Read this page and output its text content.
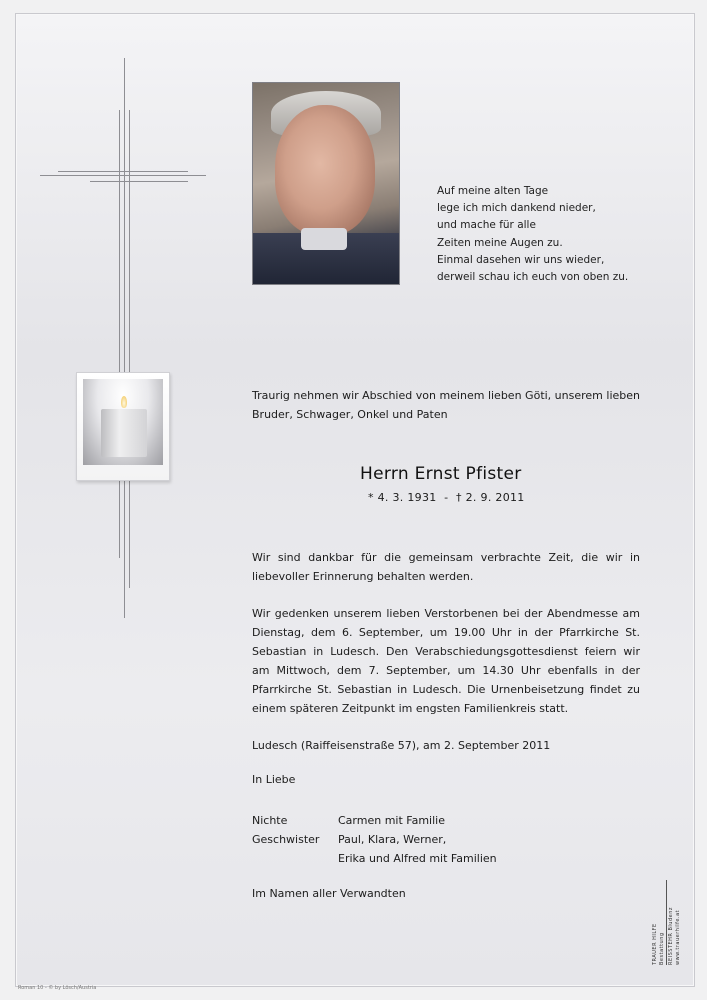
Auf meine alten Tage
lege ich mich dankend nieder,
und mache für alle
Zeiten meine Augen zu.
Einmal dasehen wir uns wieder,
derweil schau ich euch von oben zu.
Traurig nehmen wir Abschied von meinem lieben Göti, unserem lieben Bruder, Schwager, Onkel und Paten
Herrn Ernst Pfister
* 4. 3. 1931  -  † 2. 9. 2011
Wir sind dankbar für die gemeinsam verbrachte Zeit, die wir in liebevoller Erinnerung behalten werden.
Wir gedenken unserem lieben Verstorbenen bei der Abendmesse am Dienstag, dem 6. September, um 19.00 Uhr in der Pfarrkirche St. Sebastian in Ludesch. Den Verabschiedungsgottesdienst feiern wir am Mittwoch, dem 7. September, um 14.30 Uhr ebenfalls in der Pfarrkirche St. Sebastian in Ludesch. Die Urnenbeisetzung findet zu einem späteren Zeitpunkt im engsten Familienkreis statt.
Ludesch (Raiffeisenstraße 57), am 2. September 2011
In Liebe
Nichte	Carmen mit Familie
Geschwister	Paul, Klara, Werner,
Erika und Alfred mit Familien
Im Namen aller Verwandten
TRAUER HILFE Bestattung REISSTEHR Bludenz www.trauerhilfe.at
Roman 10 - © by Lösch/Austria
